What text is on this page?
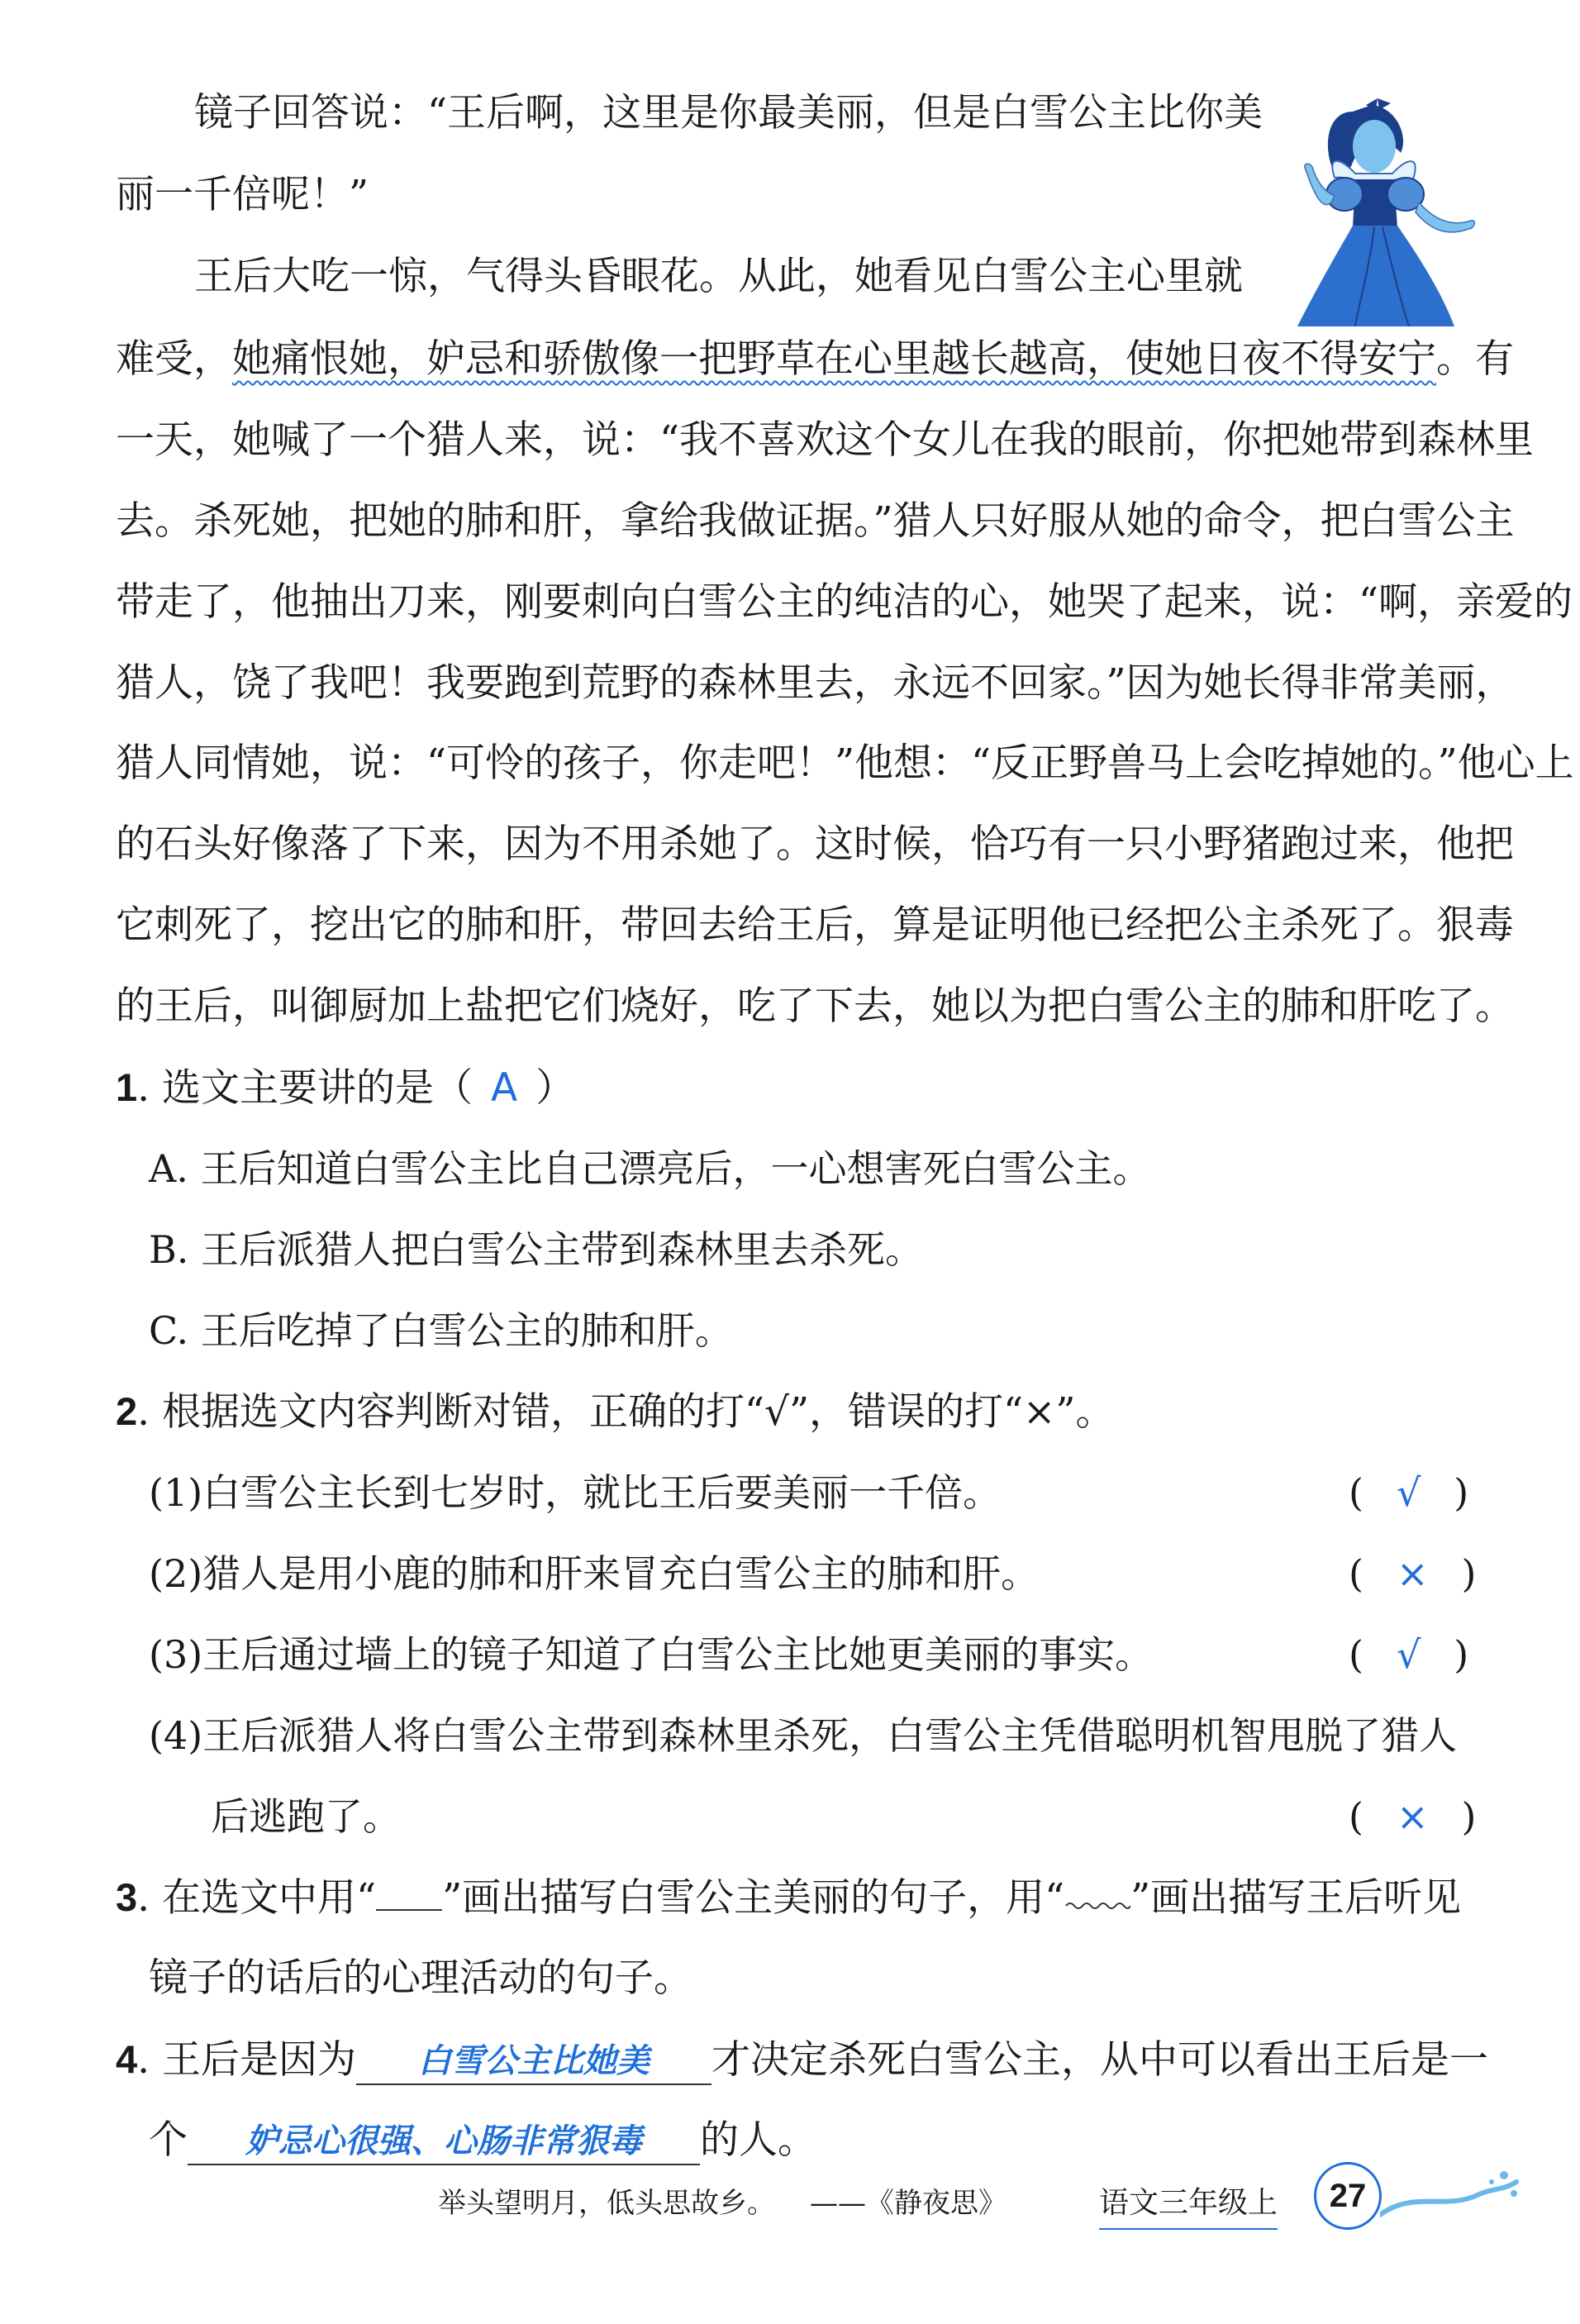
镜子回答说：“王后啊，这里是你最美丽，但是白雪公主比你美
丽一千倍呢！”
王后大吃一惊，气得头昏眼花。从此，她看见白雪公主心里就
难受，她痛恨她，妒忌和骄傲像一把野草在心里越长越高，使她日夜不得安宁。有
一天，她喊了一个猎人来，说：“我不喜欢这个女儿在我的眼前，你把她带到森林里
去。杀死她，把她的肺和肝，拿给我做证据。”猎人只好服从她的命令，把白雪公主
带走了，他抽出刀来，刚要刺向白雪公主的纯洁的心，她哭了起来，说：“啊，亲爱的
猎人，饶了我吧！我要跑到荒野的森林里去，永远不回家。”因为她长得非常美丽，
猎人同情她，说：“可怜的孩子，你走吧！”他想：“反正野兽马上会吃掉她的。”他心上
的石头好像落了下来，因为不用杀她了。这时候，恰巧有一只小野猪跑过来，他把
它刺死了，挖出它的肺和肝，带回去给王后，算是证明他已经把公主杀死了。狠毒
的王后，叫御厨加上盐把它们烧好，吃了下去，她以为把白雪公主的肺和肝吃了。
1. 选文主要讲的是（ A ）
A. 王后知道白雪公主比自己漂亮后，一心想害死白雪公主。
B. 王后派猎人把白雪公主带到森林里去杀死。
C. 王后吃掉了白雪公主的肺和肝。
2. 根据选文内容判断对错，正确的打“√”，错误的打“×”。
(1)白雪公主长到七岁时，就比王后要美丽一千倍。	( √ )
(2)猎人是用小鹿的肺和肝来冒充白雪公主的肺和肝。	( × )
(3)王后通过墙上的镜子知道了白雪公主比她更美丽的事实。	( √ )
(4)王后派猎人将白雪公主带到森林里杀死，白雪公主凭借聪明机智甩脱了猎人
后逃跑了。	( × )
3. 在选文中用“ ”画出描写白雪公主美丽的句子，用“ ”画出描写王后听见
镜子的话后的心理活动的句子。
4. 王后是因为 白雪公主比她美 才决定杀死白雪公主，从中可以看出王后是一
个 妒忌心很强、心肠非常狠毒 的人。
举头望明月，低头思故乡。 ——《静夜思》	语文三年级上 27
